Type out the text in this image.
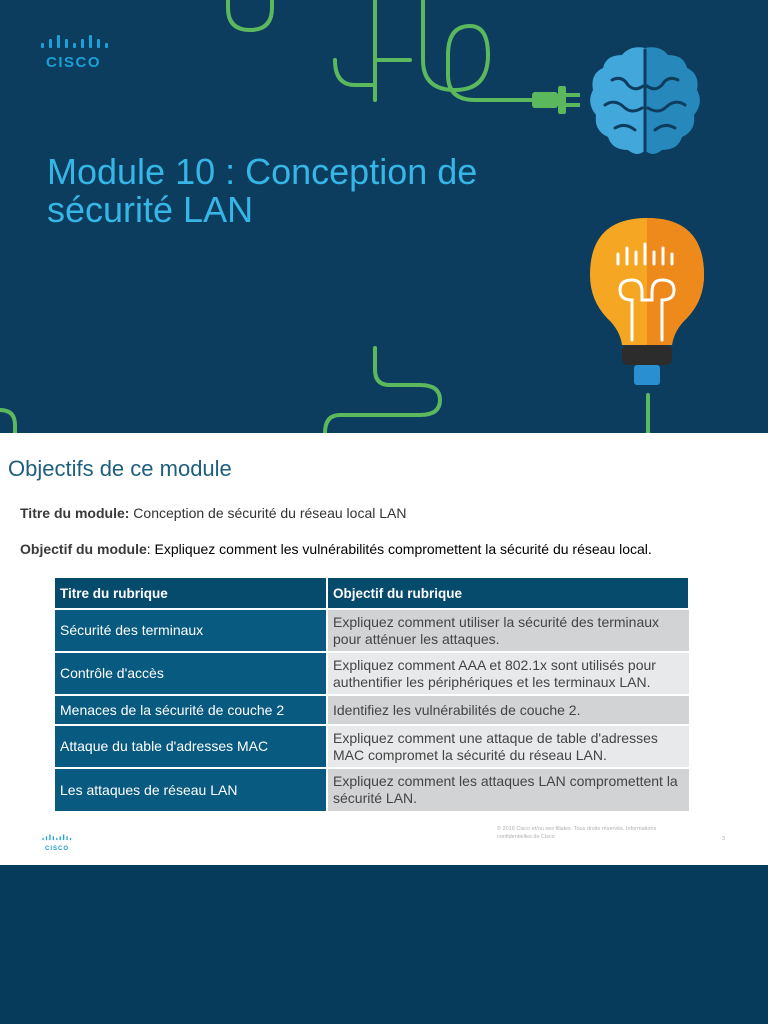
CISCO
Module 10 : Conception de sécurité LAN
Objectifs de ce module
Titre du module: Conception de sécurité du réseau local LAN
Objectif du module: Expliquez comment les vulnérabilités compromettent la sécurité du réseau local.
Titre du rubrique	Objectif du rubrique
Sécurité des terminaux	Expliquez comment utiliser la sécurité des terminaux pour atténuer les attaques.
Contrôle d'accès	Expliquez comment AAA et 802.1x sont utilisés pour authentifier les périphériques et les terminaux LAN.
Menaces de la sécurité de couche 2	Identifiez les vulnérabilités de couche 2.
Attaque du table d'adresses MAC	Expliquez comment une attaque de table d'adresses MAC compromet la sécurité du réseau LAN.
Les attaques de réseau LAN	Expliquez comment les attaques LAN compromettent la sécurité LAN.
CISCO
© 2016 Cisco et/ou ses filiales. Tous droits réservés. Informations confidentielles de Cisco	3
